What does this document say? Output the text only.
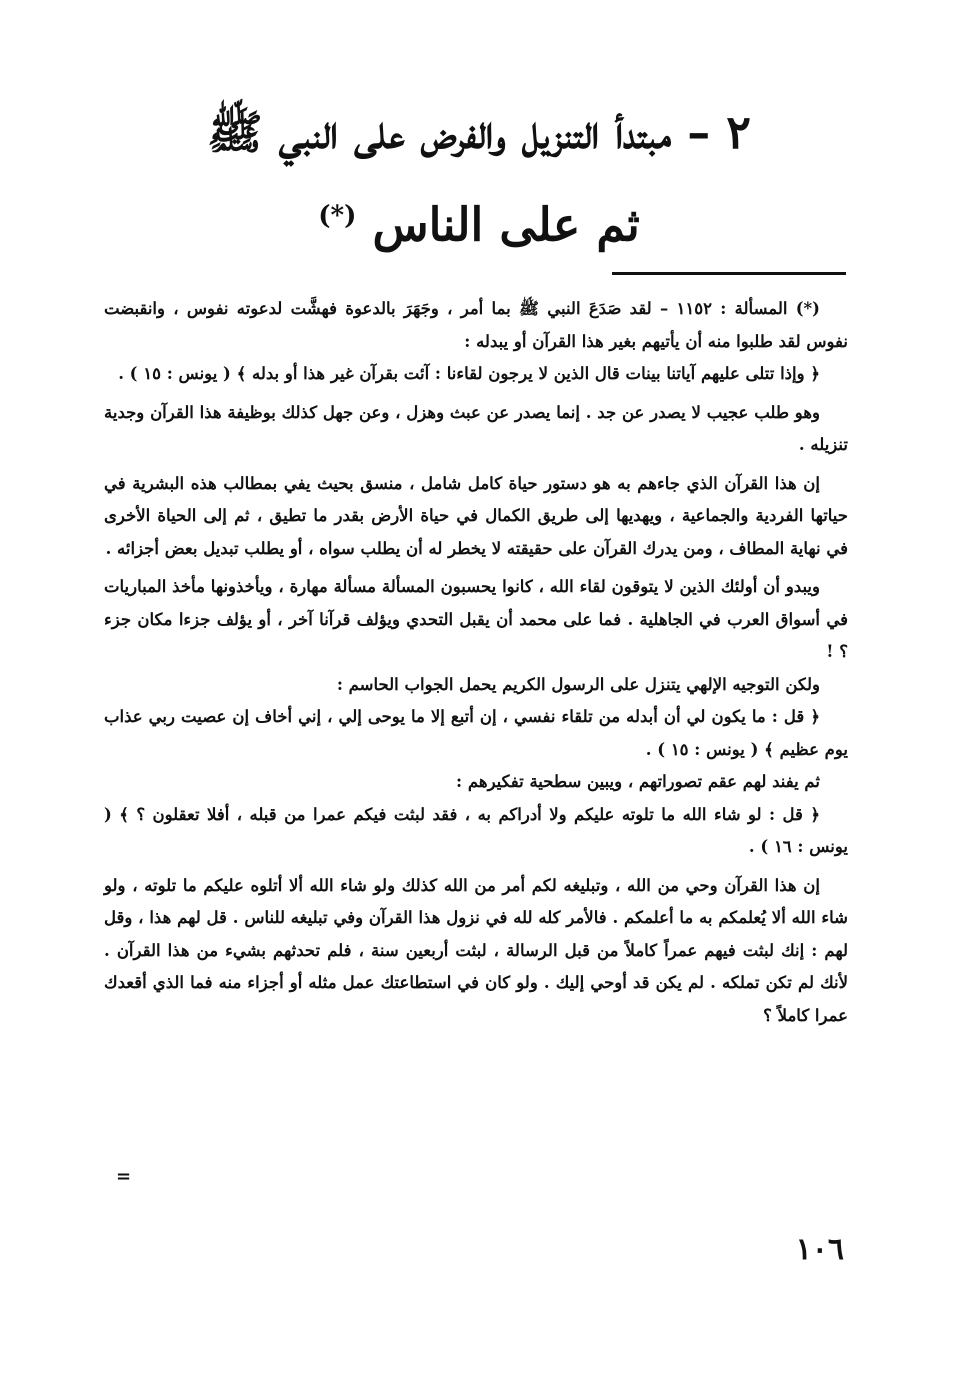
٢ – مبتدأ التنزيل والفرض على النبي ﷺ
ثم على الناس (*)

(*) المسألة : ١١٥٢ – لقد صَدَعَ النبي ﷺ بما أمر ، وجَهَرَ بالدعوة فهشَّت لدعوته نفوس ، وانقبضت نفوس لقد طلبوا منه أن يأتيهم بغير هذا القرآن أو يبدله :

﴿ وإذا تتلى عليهم آياتنا بينات قال الذين لا يرجون لقاءنا : آئت بقرآن غير هذا أو بدله ﴾ ( يونس : ١٥ ) .

وهو طلب عجيب لا يصدر عن جد . إنما يصدر عن عبث وهزل ، وعن جهل كذلك بوظيفة هذا القرآن وجدية تنزيله .

إن هذا القرآن الذي جاءهم به هو دستور حياة كامل شامل ، منسق بحيث يفي بمطالب هذه البشرية في حياتها الفردية والجماعية ، ويهديها إلى طريق الكمال في حياة الأرض بقدر ما تطيق ، ثم إلى الحياة الأخرى في نهاية المطاف ، ومن يدرك القرآن على حقيقته لا يخطر له أن يطلب سواه ، أو يطلب تبديل بعض أجزائه .

ويبدو أن أولئك الذين لا يتوقون لقاء الله ، كانوا يحسبون المسألة مسألة مهارة ، ويأخذونها مأخذ المباريات في أسواق العرب في الجاهلية . فما على محمد أن يقبل التحدي ويؤلف قرآنا آخر ، أو يؤلف جزءا مكان جزء ؟ !

ولكن التوجيه الإلهي يتنزل على الرسول الكريم يحمل الجواب الحاسم :

﴿ قل : ما يكون لي أن أبدله من تلقاء نفسي ، إن أتبع إلا ما يوحى إلي ، إني أخاف إن عصيت ربي عذاب يوم عظيم ﴾ ( يونس : ١٥ ) .

ثم يفند لهم عقم تصوراتهم ، ويبين سطحية تفكيرهم :

﴿ قل : لو شاء الله ما تلوته عليكم ولا أدراكم به ، فقد لبثت فيكم عمرا من قبله ، أفلا تعقلون ؟ ﴾ ( يونس : ١٦ ) .

إن هذا القرآن وحي من الله ، وتبليغه لكم أمر من الله كذلك ولو شاء الله ألا أتلوه عليكم ما تلوته ، ولو شاء الله ألا يُعلمكم به ما أعلمكم . فالأمر كله لله في نزول هذا القرآن وفي تبليغه للناس . قل لهم هذا ، وقل لهم : إنك لبثت فيهم عمراً كاملاً من قبل الرسالة ، لبثت أربعين سنة ، فلم تحدثهم بشيء من هذا القرآن . لأنك لم تكن تملكه . لم يكن قد أوحي إليك . ولو كان في استطاعتك عمل مثله أو أجزاء منه فما الذي أقعدك عمرا كاملاً ؟

=
١٠٦
